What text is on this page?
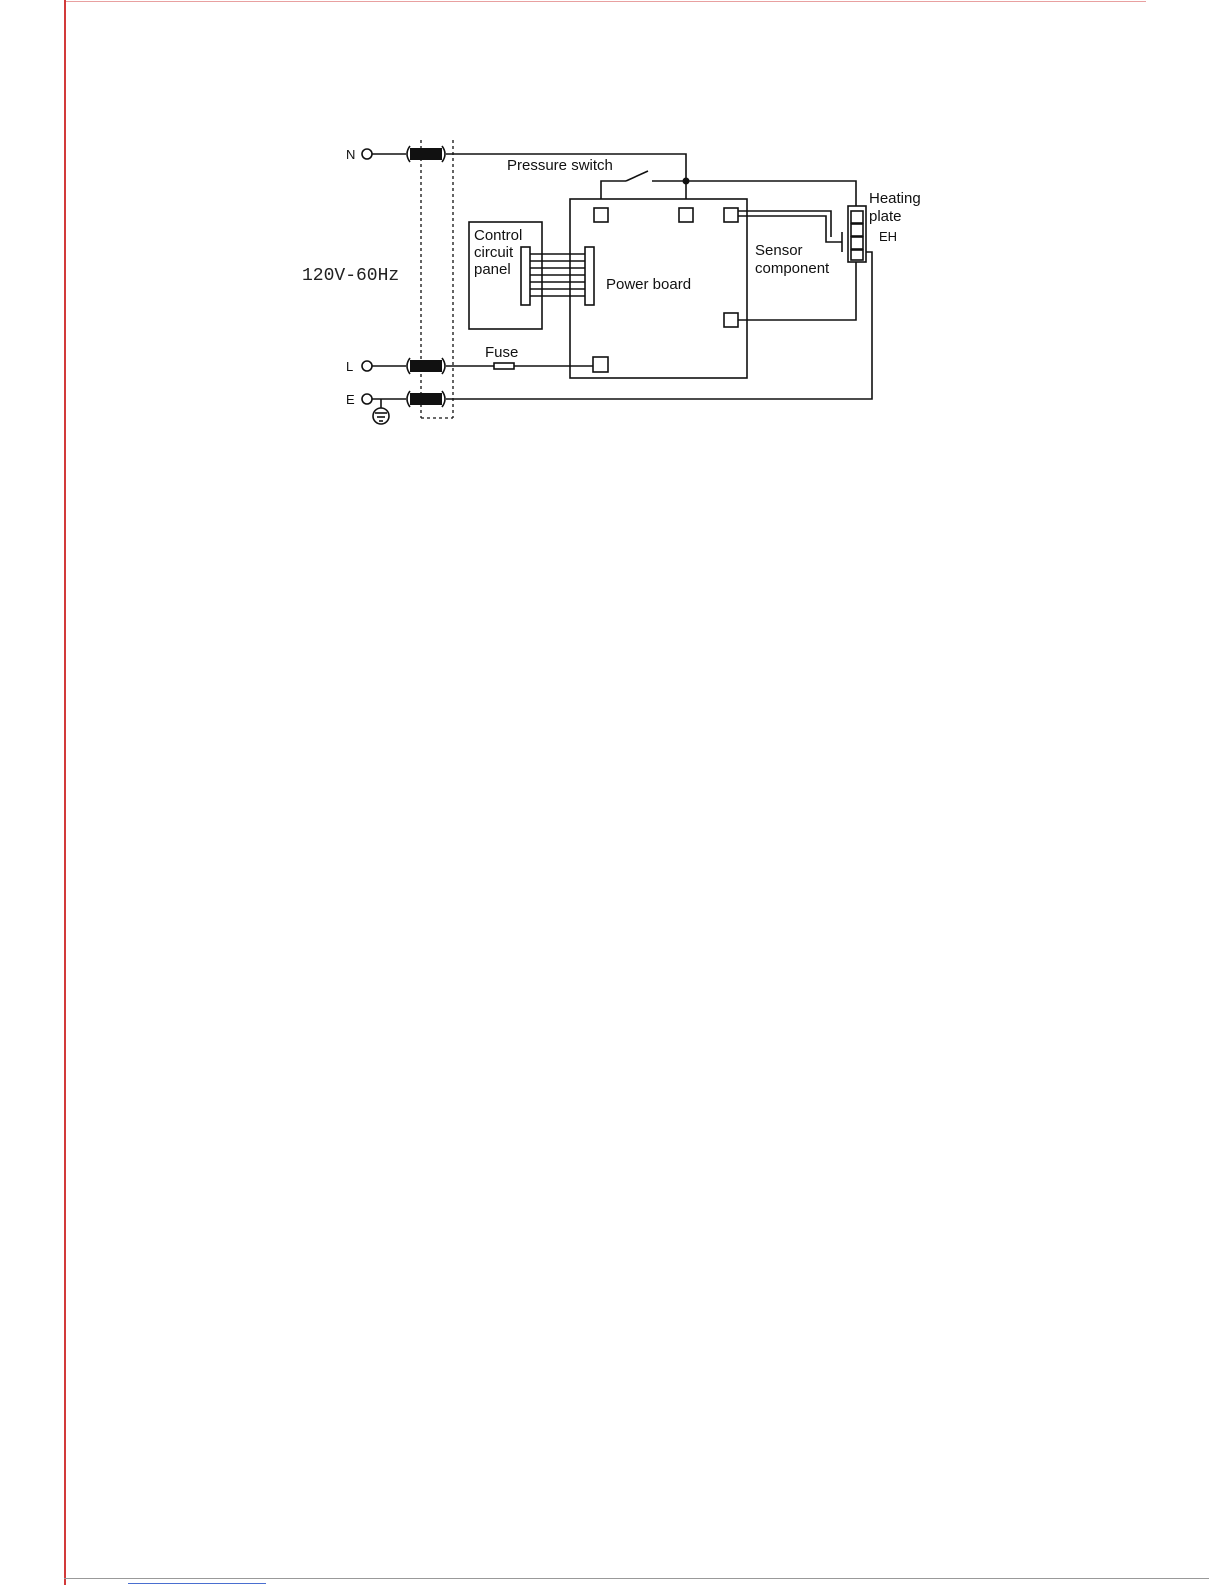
120V-60Hz
N
L
E
Pressure switch
Power board
Control
circuit
panel
Sensor
component
Heating
plate
EH
Fuse
